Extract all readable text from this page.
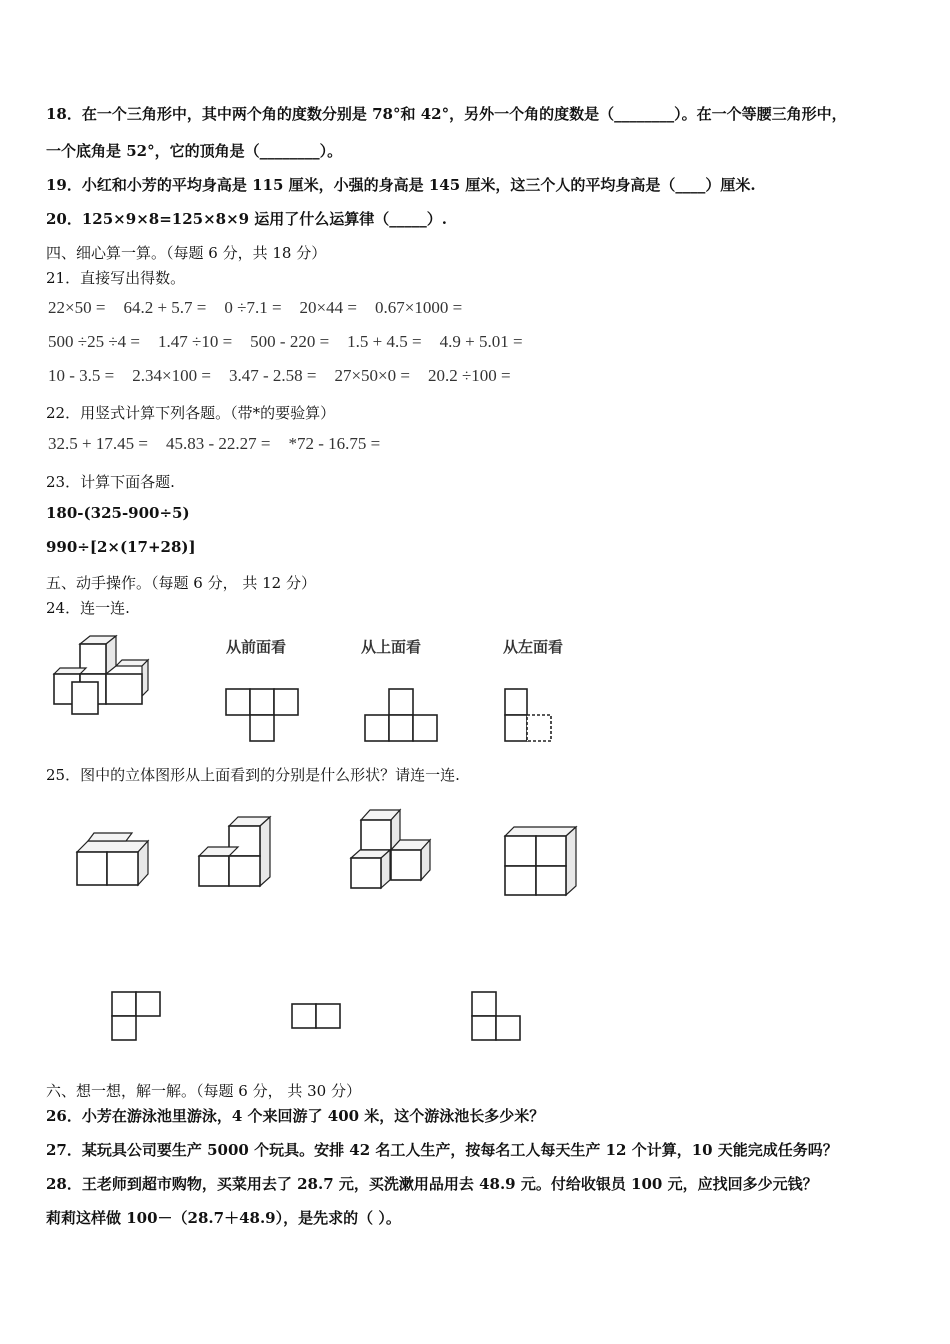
18．在一个三角形中，其中两个角的度数分别是 78°和 42°，另外一个角的度数是（________）。在一个等腰三角形中，
一个底角是 52°，它的顶角是（________）。
19．小红和小芳的平均身高是 115 厘米，小强的身高是 145 厘米，这三个人的平均身高是（____）厘米.
20．125×9×8=125×8×9 运用了什么运算律（_____）.
四、细心算一算。（每题 6 分，共 18 分）
21．直接写出得数。
22×50 = 64.2 + 5.7 = 0 ÷7.1 = 20×44 = 0.67×1000 =
500 ÷25 ÷4 = 1.47 ÷10 = 500 - 220 = 1.5 + 4.5 = 4.9 + 5.01 =
10 - 3.5 = 2.34×100 = 3.47 - 2.58 = 27×50×0 = 20.2 ÷100 =
22．用竖式计算下列各题。（带*的要验算）
32.5 + 17.45 = 45.83 - 22.27 = *72 - 16.75 =
23．计算下面各题.
180-(325-900÷5)
990÷[2×(17+28)]
五、动手操作。（每题 6 分， 共 12 分）
24．连一连.
从前面看	从上面看	从左面看
25．图中的立体图形从上面看到的分别是什么形状？请连一连.
六、想一想，解一解。（每题 6 分， 共 30 分）
26．小芳在游泳池里游泳，4 个来回游了 400 米，这个游泳池长多少米？
27．某玩具公司要生产 5000 个玩具。安排 42 名工人生产，按每名工人每天生产 12 个计算，10 天能完成任务吗？
28．王老师到超市购物，买菜用去了 28.7 元，买洗漱用品用去 48.9 元。付给收银员 100 元，应找回多少元钱？
莉莉这样做 100－（28.7＋48.9），是先求的（ ）。
